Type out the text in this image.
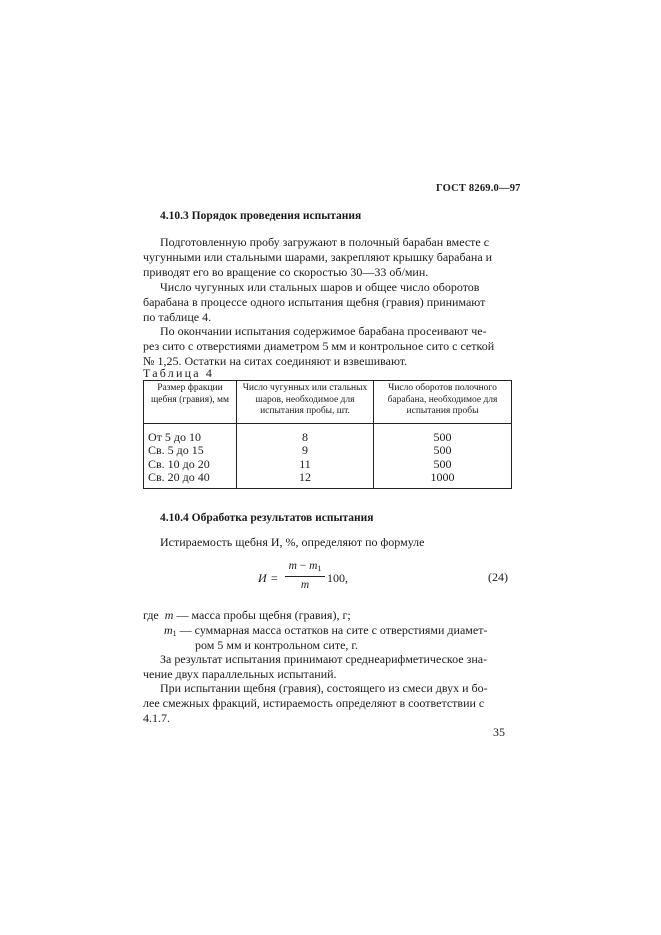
ГОСТ 8269.0—97
4.10.3 Порядок проведения испытания
Подготовленную пробу загружают в полочный барабан вместе с
чугунными или стальными шарами, закрепляют крышку барабана и
приводят его во вращение со скоростью 30—33 об/мин.
Число чугунных или стальных шаров и общее число оборотов
барабана в процессе одного испытания щебня (гравия) принимают
по таблице 4.
По окончании испытания содержимое барабана просеивают че-
рез сито с отверстиями диаметром 5 мм и контрольное сито с сеткой
№ 1,25. Остатки на ситах соединяют и взвешивают.
Таблица 4
Размер фракции щебня (гравия), мм	Число чугунных или стальных шаров, необходимое для испытания пробы, шт.	Число оборотов полочного барабана, необходимое для испытания пробы
От 5 до 10	8	500
Св. 5 до 15	9	500
Св. 10 до 20	11	500
Св. 20 до 40	12	1000
4.10.4 Обработка результатов испытания
Истираемость щебня И, %, определяют по формуле
И =
$m - m_1$
m	100,	(24)
где m — масса пробы щебня (гравия), г;
$m_1$ — суммарная масса остатков на сите с отверстиями диамет-
ром 5 мм и контрольном сите, г.
За результат испытания принимают среднеарифметическое зна-
чение двух параллельных испытаний.
При испытании щебня (гравия), состоящего из смеси двух и бо-
лее смежных фракций, истираемость определяют в соответствии с
4.1.7.
35
